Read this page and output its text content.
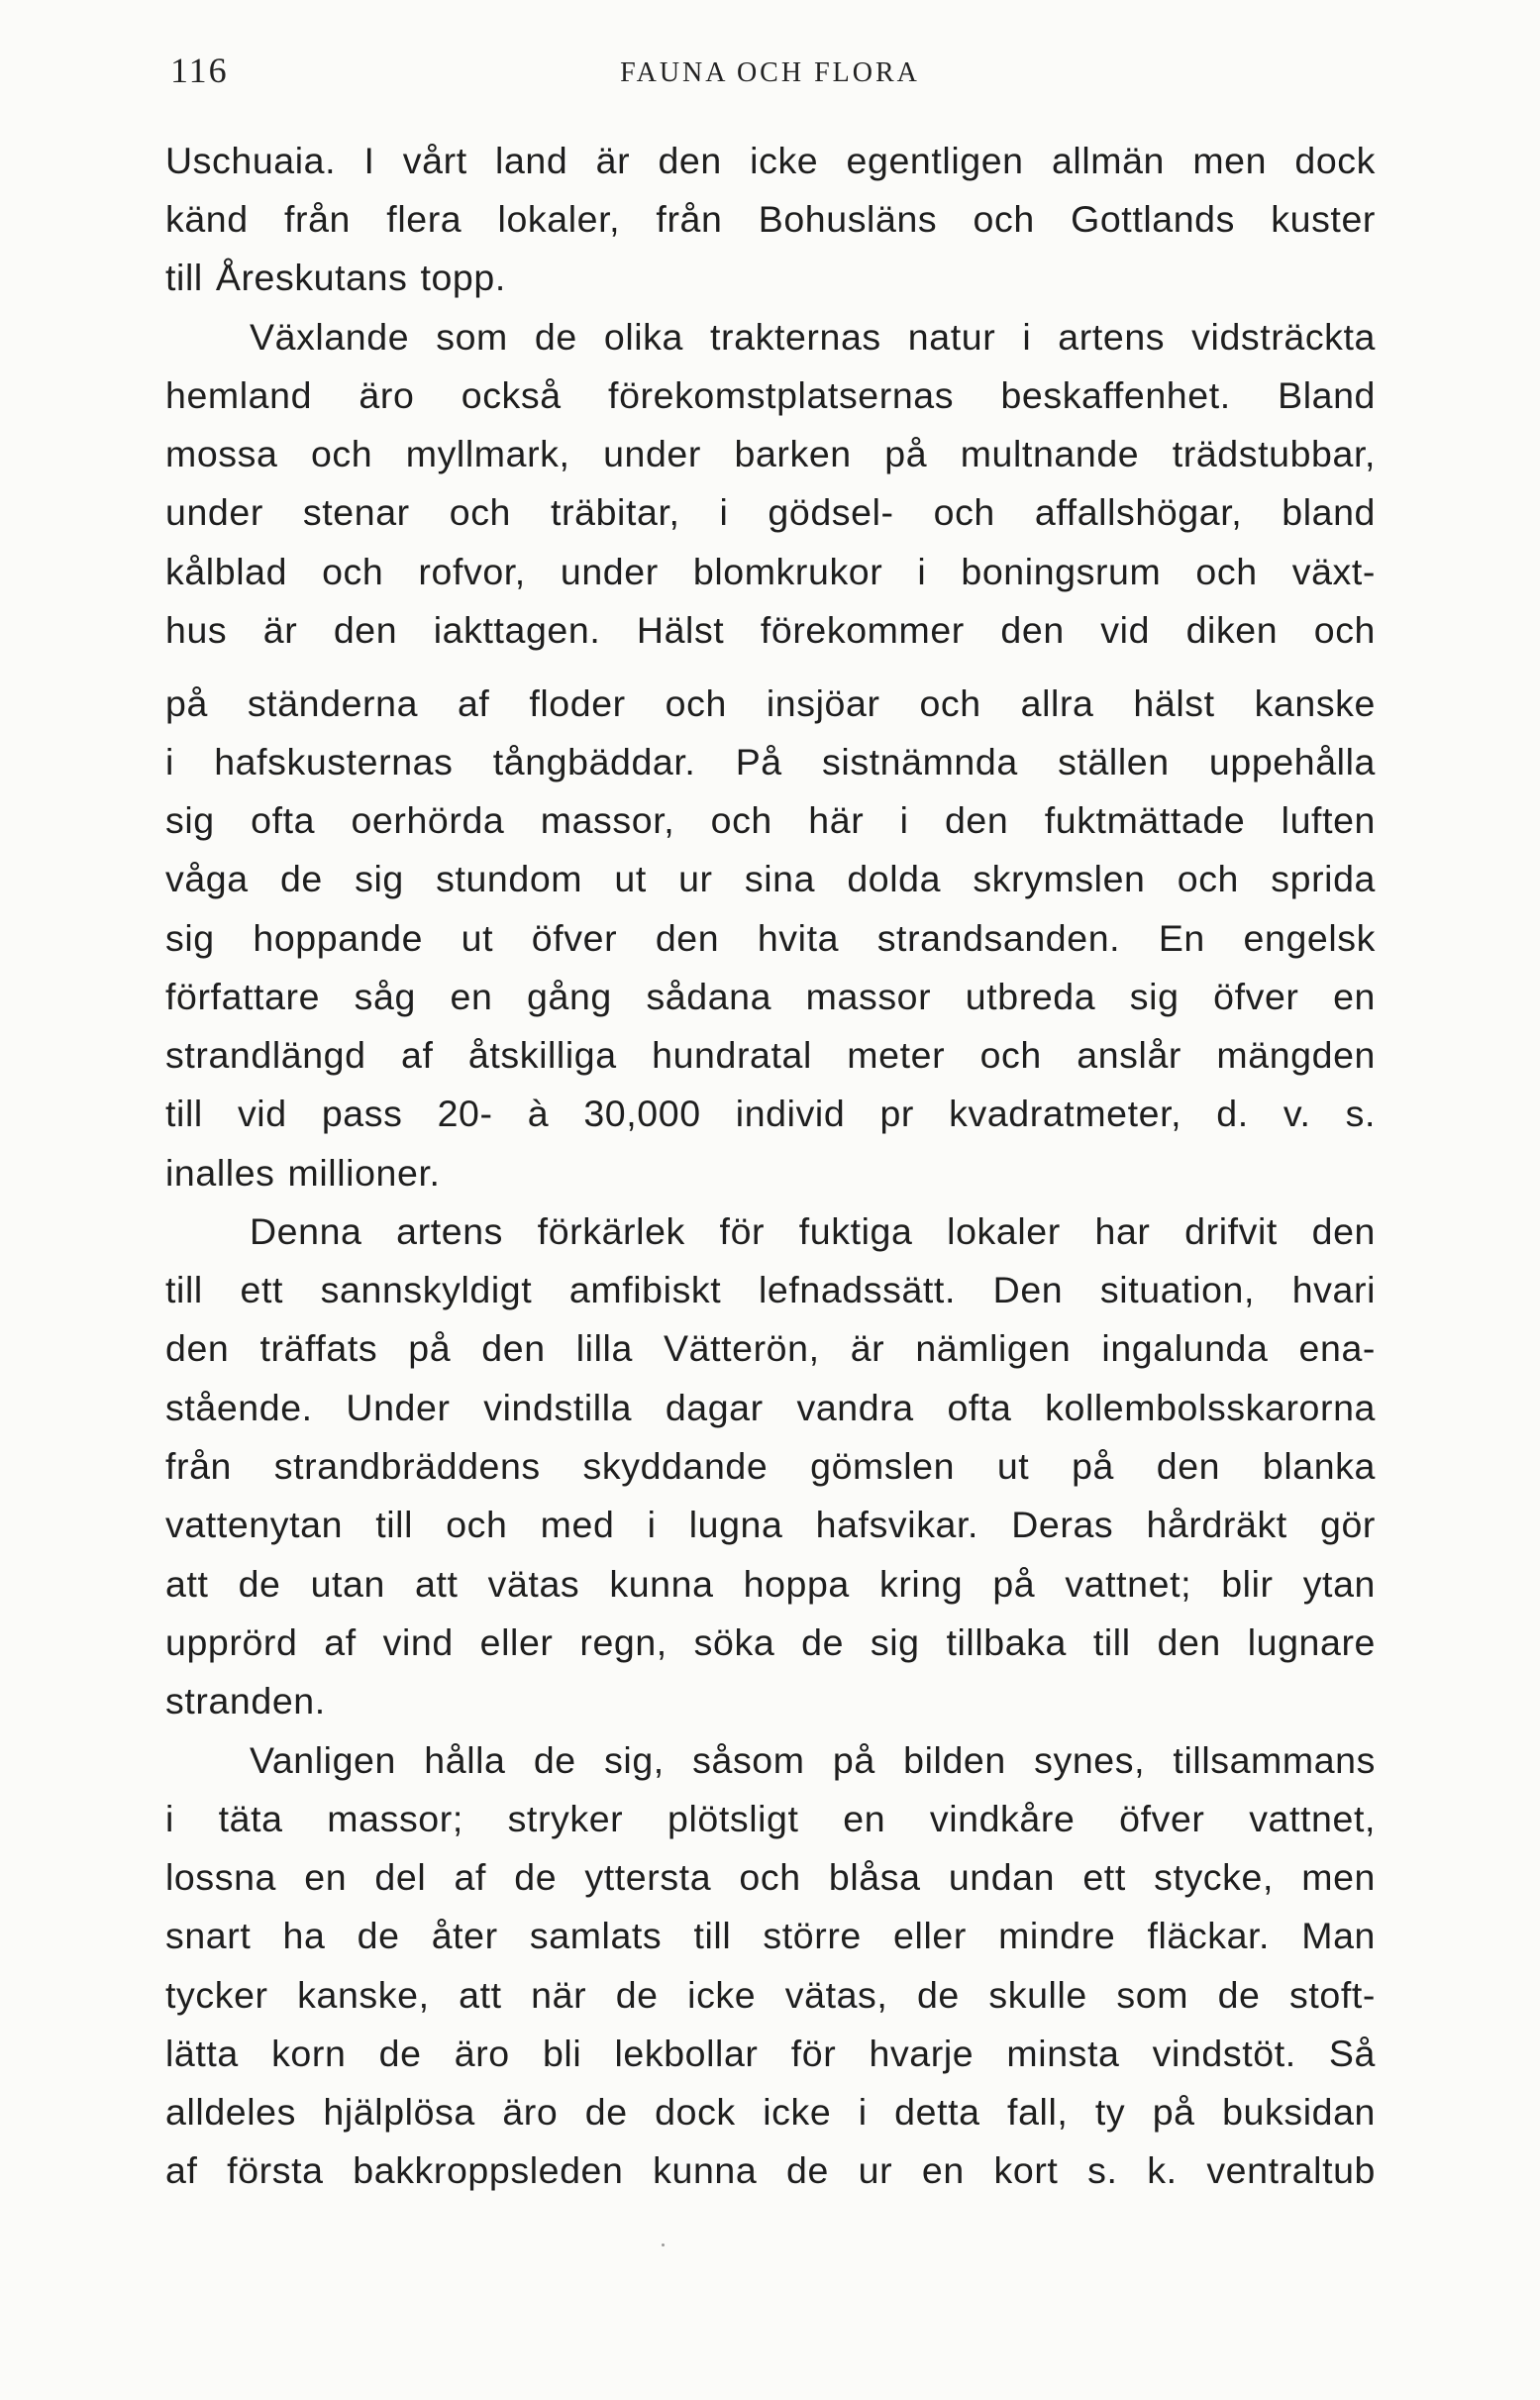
116	FAUNA OCH FLORA
Uschuaia. I vårt land är den icke egentligen allmän men dock
känd från flera lokaler, från Bohusläns och Gottlands kuster
till Åreskutans topp.
Växlande som de olika trakternas natur i artens vidsträckta
hemland äro också förekomstplatsernas beskaffenhet. Bland
mossa och myllmark, under barken på multnande trädstubbar,
under stenar och träbitar, i gödsel- och affallshögar, bland
kålblad och rofvor, under blomkrukor i boningsrum och växt-
hus är den iakttagen. Hälst förekommer den vid diken och
på ständerna af floder och insjöar och allra hälst kanske
i hafskusternas tångbäddar. På sistnämnda ställen uppehålla
sig ofta oerhörda massor, och här i den fuktmättade luften
våga de sig stundom ut ur sina dolda skrymslen och sprida
sig hoppande ut öfver den hvita strandsanden. En engelsk
författare såg en gång sådana massor utbreda sig öfver en
strandlängd af åtskilliga hundratal meter och anslår mängden
till vid pass 20- à 30,000 individ pr kvadratmeter, d. v. s.
inalles millioner.
Denna artens förkärlek för fuktiga lokaler har drifvit den
till ett sannskyldigt amfibiskt lefnadssätt. Den situation, hvari
den träffats på den lilla Vätterön, är nämligen ingalunda ena-
stående. Under vindstilla dagar vandra ofta kollembolsskarorna
från strandbräddens skyddande gömslen ut på den blanka
vattenytan till och med i lugna hafsvikar. Deras hårdräkt gör
att de utan att vätas kunna hoppa kring på vattnet; blir ytan
upprörd af vind eller regn, söka de sig tillbaka till den lugnare
stranden.
Vanligen hålla de sig, såsom på bilden synes, tillsammans
i täta massor; stryker plötsligt en vindkåre öfver vattnet,
lossna en del af de yttersta och blåsa undan ett stycke, men
snart ha de åter samlats till större eller mindre fläckar. Man
tycker kanske, att när de icke vätas, de skulle som de stoft-
lätta korn de äro bli lekbollar för hvarje minsta vindstöt. Så
alldeles hjälplösa äro de dock icke i detta fall, ty på buksidan
af första bakkroppsleden kunna de ur en kort s. k. ventraltub
